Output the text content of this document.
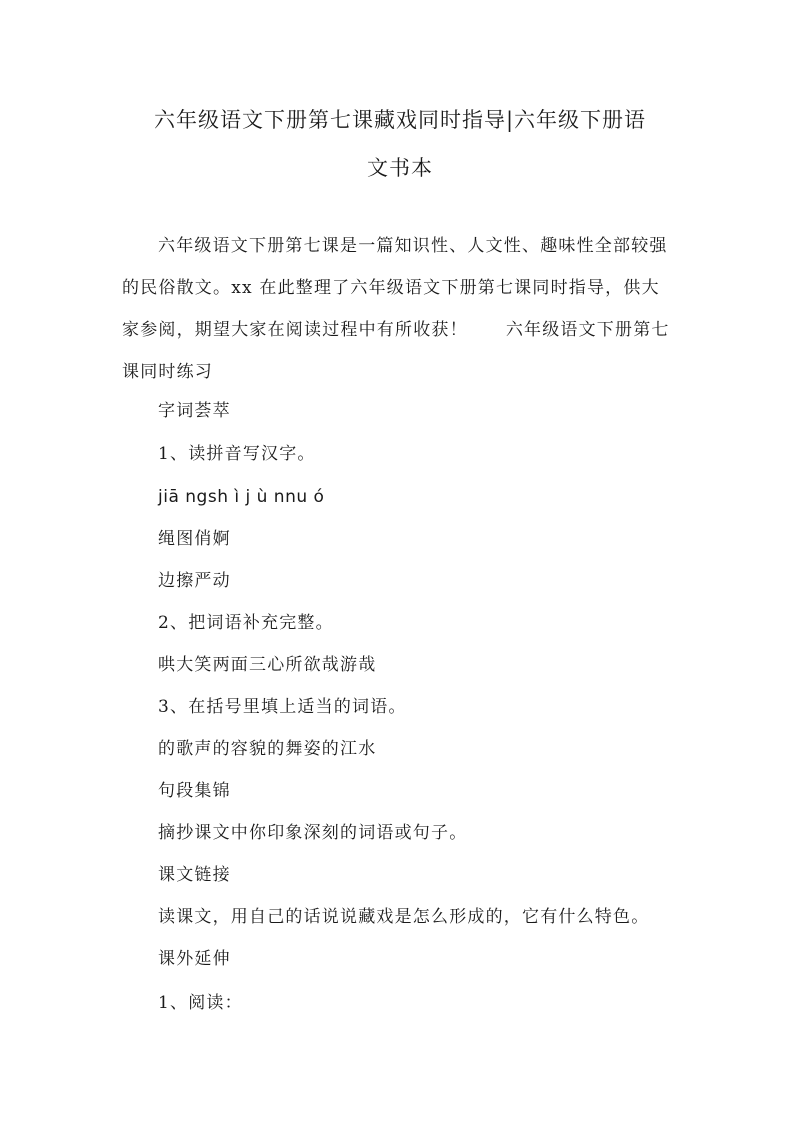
六年级语文下册第七课藏戏同时指导|六年级下册语
文书本
六年级语文下册第七课是一篇知识性、人文性、趣味性全部较强
的民俗散文。xx 在此整理了六年级语文下册第七课同时指导，供大
家参阅，期望大家在阅读过程中有所收获！ 六年级语文下册第七
课同时练习
字词荟萃
1、读拼音写汉字。
jiā ngsh ì j ù nnu ó
绳图俏婀
边擦严动
2、把词语补充完整。
哄大笑两面三心所欲哉游哉
3、在括号里填上适当的词语。
的歌声的容貌的舞姿的江水
句段集锦
摘抄课文中你印象深刻的词语或句子。
课文链接
读课文，用自己的话说说藏戏是怎么形成的，它有什么特色。
课外延伸
1、阅读：
